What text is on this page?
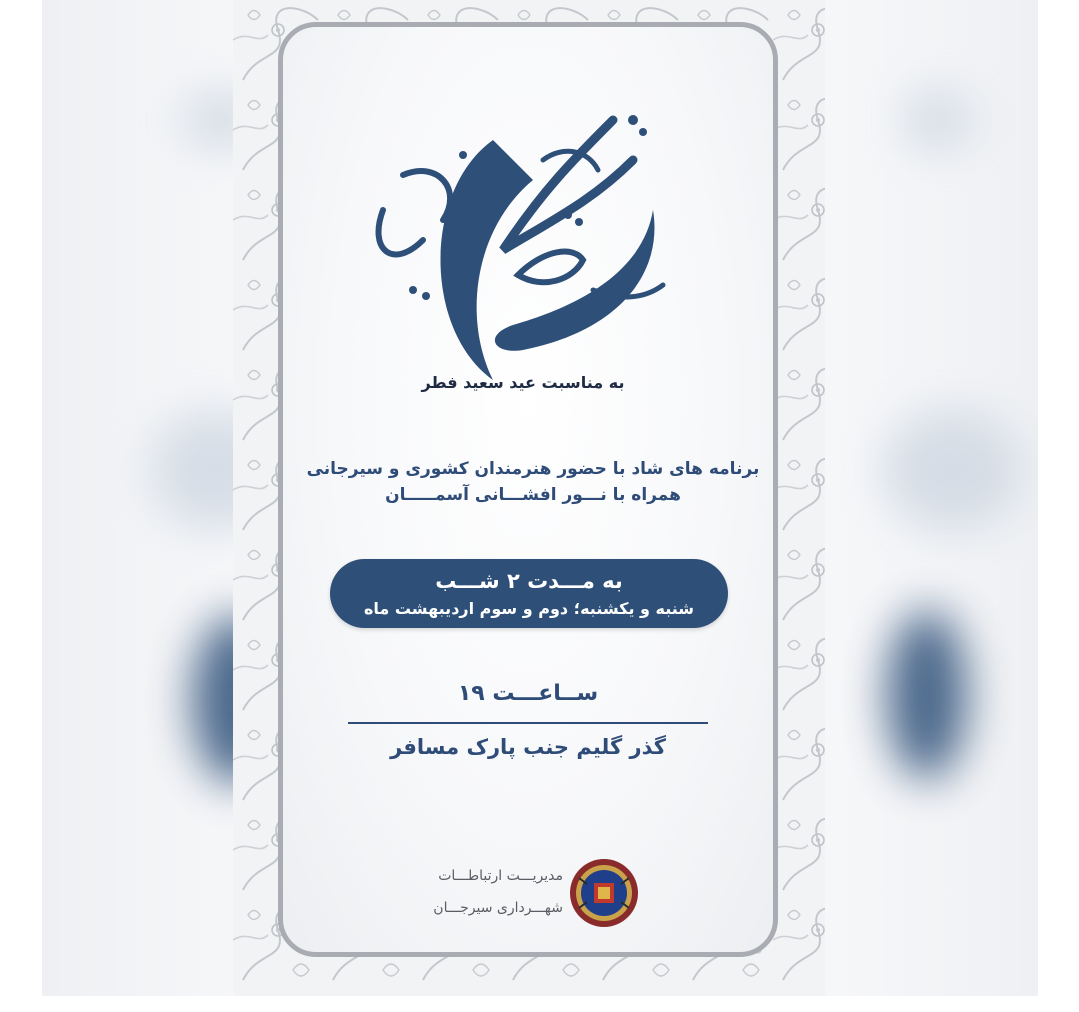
به مناسبت عید سعید فطر
برنامه های شاد با حضور هنرمندان کشوری و سیرجانی
همراه با نـــور افشـــانی آسمـــــان
به مـــدت ۲ شـــب
شنبه و یکشنبه؛ دوم و سوم اردیبهشت ماه
ســاعـــت ۱۹
گذر گلیم جنب پارک مسافر
مدیریـــت ارتباطـــات
شهـــرداری سیرجـــان
